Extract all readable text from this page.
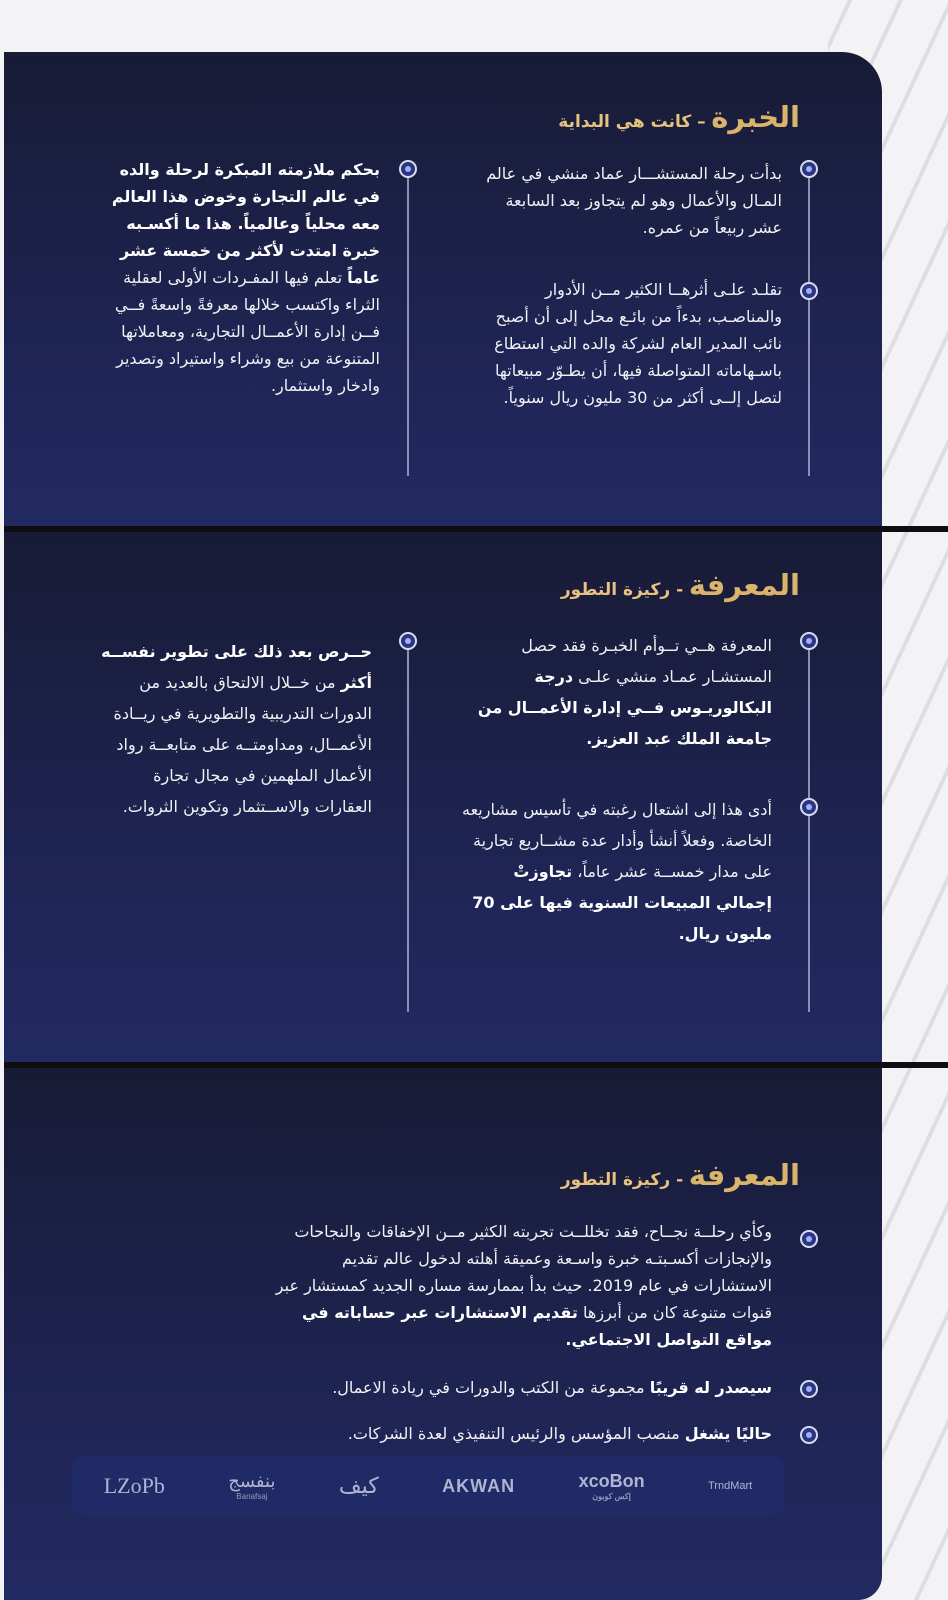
الخبرة – كانت هي البداية
بدأت رحلة المستشـــار عماد منشي في عالم المـال والأعمال وهو لم يتجاوز بعد السابعة عشر ربيعاً من عمره.
تقلـد علـى أثرهــا الكثير مــن الأدوار والمناصـب، بدءاً من بائـع محل إلى أن أصبح نائب المدير العام لشركة والده التي استطاع باسـهاماته المتواصلة فيها، أن يطـوّر مبيعاتها لتصل إلــى أكثر من 30 مليون ريال سنوياً.
بحكم ملازمته المبكرة لرحلة والده في عالم التجارة وخوض هذا العالم معه محلياً وعالمياً. هذا ما أكسـبه خبرة امتدت لأكثر من خمسة عشر عاماً تعلم فيها المفـردات الأولى لعقلية الثراء واكتسب خلالها معرفةً واسعةً فــي فــن إدارة الأعمــال التجارية، ومعاملاتها المتنوعة من بيع وشراء واستيراد وتصدير وادخار واستثمار.
المعرفة - ركيزة التطور
المعرفة هــي تــوأم الخبـرة فقد حصل المستشـار عمـاد منشي علـى درجة البكالوريـوس فــي إدارة الأعمــال من جامعة الملك عبد العزيز.
أدى هذا إلى اشتعال رغبته في تأسيس مشاريعه الخاصة. وفعلاً أنشأ وأدار عدة مشــاريع تجارية على مدار خمســة عشر عاماً، تجاوزتْ إجمالي المبيعات السنوية فيها على 70 مليون ريال.
حــرص بعد ذلك على تطوير نفســه أكثر من خــلال الالتحاق بالعديد من الدورات التدريبية والتطويرية في ريــادة الأعمــال، ومداومتــه على متابعــة رواد الأعمال الملهمين في مجال تجارة العقارات والاســتثمار وتكوين الثروات.
المعرفة - ركيزة التطور
وكأي رحلــة نجــاح، فقد تخللــت تجربته الكثير مــن الإخفاقات والنجاحات والإنجازات أكسـبتـه خبرة واسـعة وعميقة أهلته لدخول عالم تقديم الاستشارات في عام 2019. حيث بدأ بممارسة مساره الجديد كمستشار عبر قنوات متنوعة كان من أبرزها تقديم الاستشارات عبر حساباته في مواقع التواصل الاجتماعي.
سيصدر له قريبًا مجموعة من الكتب والدورات في ريادة الاعمال.
حاليًا يشغل منصب المؤسس والرئيس التنفيذي لعدة الشركات.
LZoPb	بنفسج
Banafsaj	كيف	AKWAN	xcoBon
إكس كوبون
TrndMart
